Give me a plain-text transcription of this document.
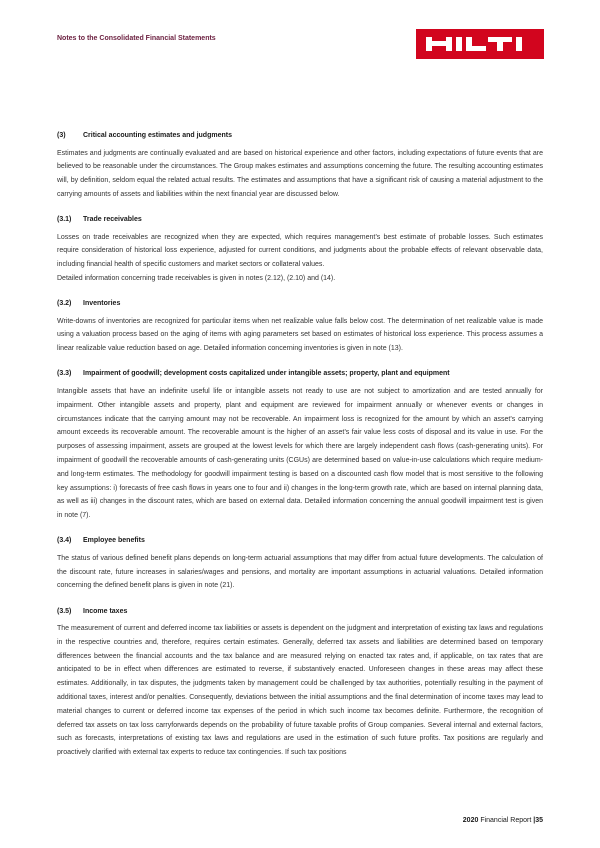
Notes to the Consolidated Financial Statements
(3)	Critical accounting estimates and judgments

Estimates and judgments are continually evaluated and are based on historical experience and other factors, including expectations of future events that are believed to be reasonable under the circumstances. The Group makes estimates and assumptions concerning the future. The resulting accounting estimates will, by definition, seldom equal the related actual results. The estimates and assumptions that have a significant risk of causing a material adjustment to the carrying amounts of assets and liabilities within the next financial year are discussed below.

(3.1)	Trade receivables

Losses on trade receivables are recognized when they are expected, which requires management’s best estimate of probable losses. Such estimates require consideration of historical loss experience, adjusted for current conditions, and judgments about the probable effects of relevant observable data, including financial health of specific customers and market sectors or collateral values.

Detailed information concerning trade receivables is given in notes (2.12), (2.10) and (14).

(3.2)	Inventories

Write-downs of inventories are recognized for particular items when net realizable value falls below cost. The determination of net realizable value is made using a valuation process based on the aging of items with aging parameters set based on estimates of historical loss experience. This process assumes a linear realizable value reduction based on age. Detailed information concerning inventories is given in note (13).

(3.3)	Impairment of goodwill; development costs capitalized under intangible assets; property, plant and equipment

Intangible assets that have an indefinite useful life or intangible assets not ready to use are not subject to amortization and are tested annually for impairment. Other intangible assets and property, plant and equipment are reviewed for impairment annually or whenever events or changes in circumstances indicate that the carrying amount may not be recoverable. An impairment loss is recognized for the amount by which an asset’s carrying amount exceeds its recoverable amount. The recoverable amount is the higher of an asset’s fair value less costs of disposal and its value in use. For the purposes of assessing impairment, assets are grouped at the lowest levels for which there are largely independent cash flows (cash-generating units). For impairment of goodwill the recoverable amounts of cash-generating units (CGUs) are determined based on value-in-use calculations which require medium- and long-term estimates. The methodology for goodwill impairment testing is based on a discounted cash flow model that is most sensitive to the following key assumptions: i) forecasts of free cash flows in years one to four and ii) changes in the long-term growth rate, which are based on internal planning data, as well as iii) changes in the discount rates, which are based on external data. Detailed information concerning the annual goodwill impairment test is given in note (7).

(3.4)	Employee benefits

The status of various defined benefit plans depends on long-term actuarial assumptions that may differ from actual future developments. The calculation of the discount rate, future increases in salaries/wages and pensions, and mortality are important assumptions in actuarial valuations. Detailed information concerning the defined benefit plans is given in note (21).

(3.5)	Income taxes

The measurement of current and deferred income tax liabilities or assets is dependent on the judgment and interpretation of existing tax laws and regulations in the respective countries and, therefore, requires certain estimates. Generally, deferred tax assets and liabilities are determined based on temporary differences between the financial accounts and the tax balance and are measured relying on enacted tax rates and, if applicable, on tax rates that are anticipated to be in effect when differences are estimated to reverse, if substantively enacted. Unforeseen changes in these areas may affect these estimates. Additionally, in tax disputes, the judgments taken by management could be challenged by tax authorities, potentially resulting in the payment of additional taxes, interest and/or penalties. Consequently, deviations between the initial assumptions and the final determination of income taxes may lead to material changes to current or deferred income tax expenses of the period in which such income tax becomes definite. Furthermore, the recognition of deferred tax assets on tax loss carryforwards depends on the probability of future taxable profits of Group companies. Several internal and external factors, such as forecasts, interpretations of existing tax laws and regulations are used in the estimation of such future profits. Tax positions are regularly and proactively clarified with external tax experts to reduce tax contingencies. If such tax positions

2020 Financial Report |35
